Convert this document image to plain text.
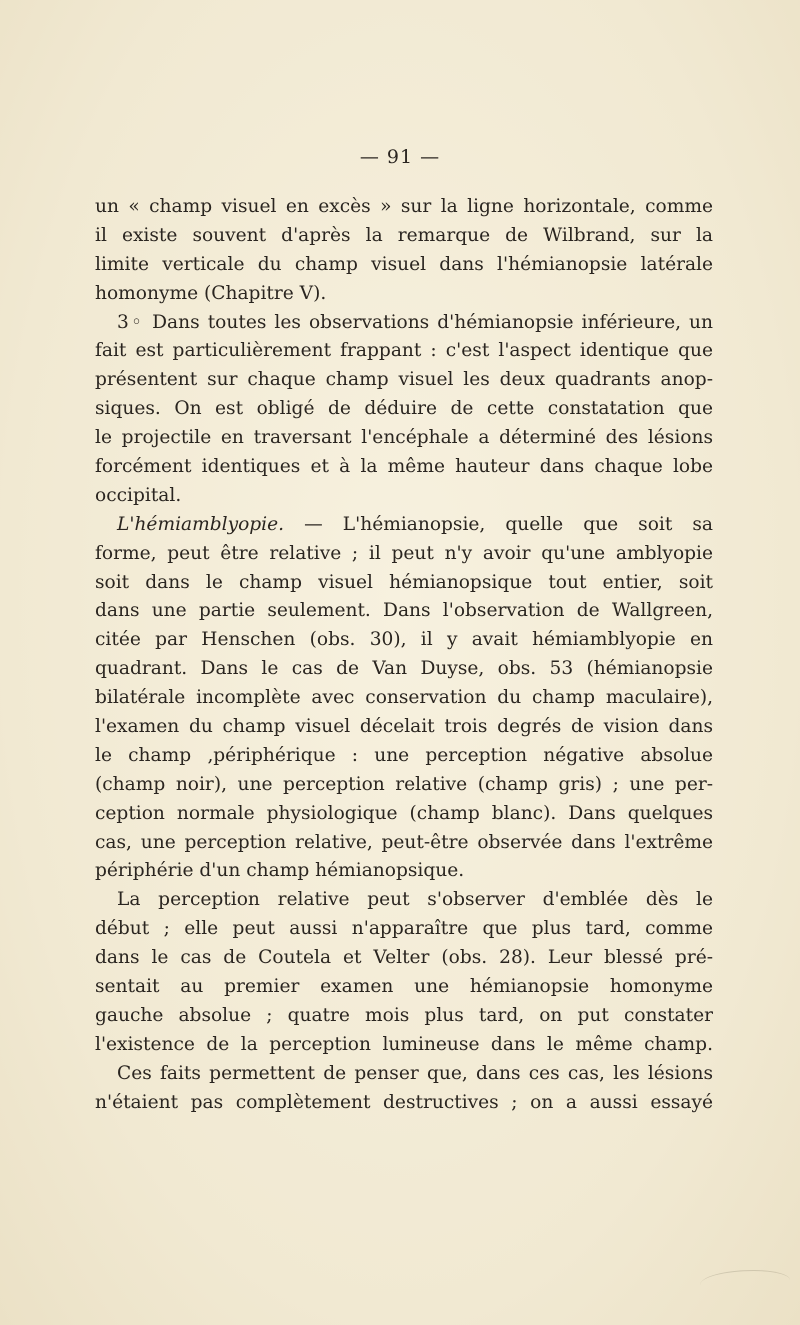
— 91 —
un « champ visuel en excès » sur la ligne horizontale, comme
il existe souvent d'après la remarque de Wilbrand, sur la
limite verticale du champ visuel dans l'hémianopsie latérale
homonyme (Chapitre V).
3◦ Dans toutes les observations d'hémianopsie inférieure, un
fait est particulièrement frappant : c'est l'aspect identique que
présentent sur chaque champ visuel les deux quadrants anop-
siques. On est obligé de déduire de cette constatation que
le projectile en traversant l'encéphale a déterminé des lésions
forcément identiques et à la même hauteur dans chaque lobe
occipital.
L'hémiamblyopie. — L'hémianopsie, quelle que soit sa
forme, peut être relative ; il peut n'y avoir qu'une amblyopie
soit dans le champ visuel hémianopsique tout entier, soit
dans une partie seulement. Dans l'observation de Wallgreen,
citée par Henschen (obs. 30), il y avait hémiamblyopie en
quadrant. Dans le cas de Van Duyse, obs. 53 (hémianopsie
bilatérale incomplète avec conservation du champ maculaire),
l'examen du champ visuel décelait trois degrés de vision dans
le champ ‚périphérique : une perception négative absolue
(champ noir), une perception relative (champ gris) ; une per-
ception normale physiologique (champ blanc). Dans quelques
cas, une perception relative, peut-être observée dans l'extrême
périphérie d'un champ hémianopsique.
La perception relative peut s'observer d'emblée dès le
début ; elle peut aussi n'apparaître que plus tard, comme
dans le cas de Coutela et Velter (obs. 28). Leur blessé pré-
sentait au premier examen une hémianopsie homonyme
gauche absolue ; quatre mois plus tard, on put constater
l'existence de la perception lumineuse dans le même champ.
Ces faits permettent de penser que, dans ces cas, les lésions
n'étaient pas complètement destructives ; on a aussi essayé
